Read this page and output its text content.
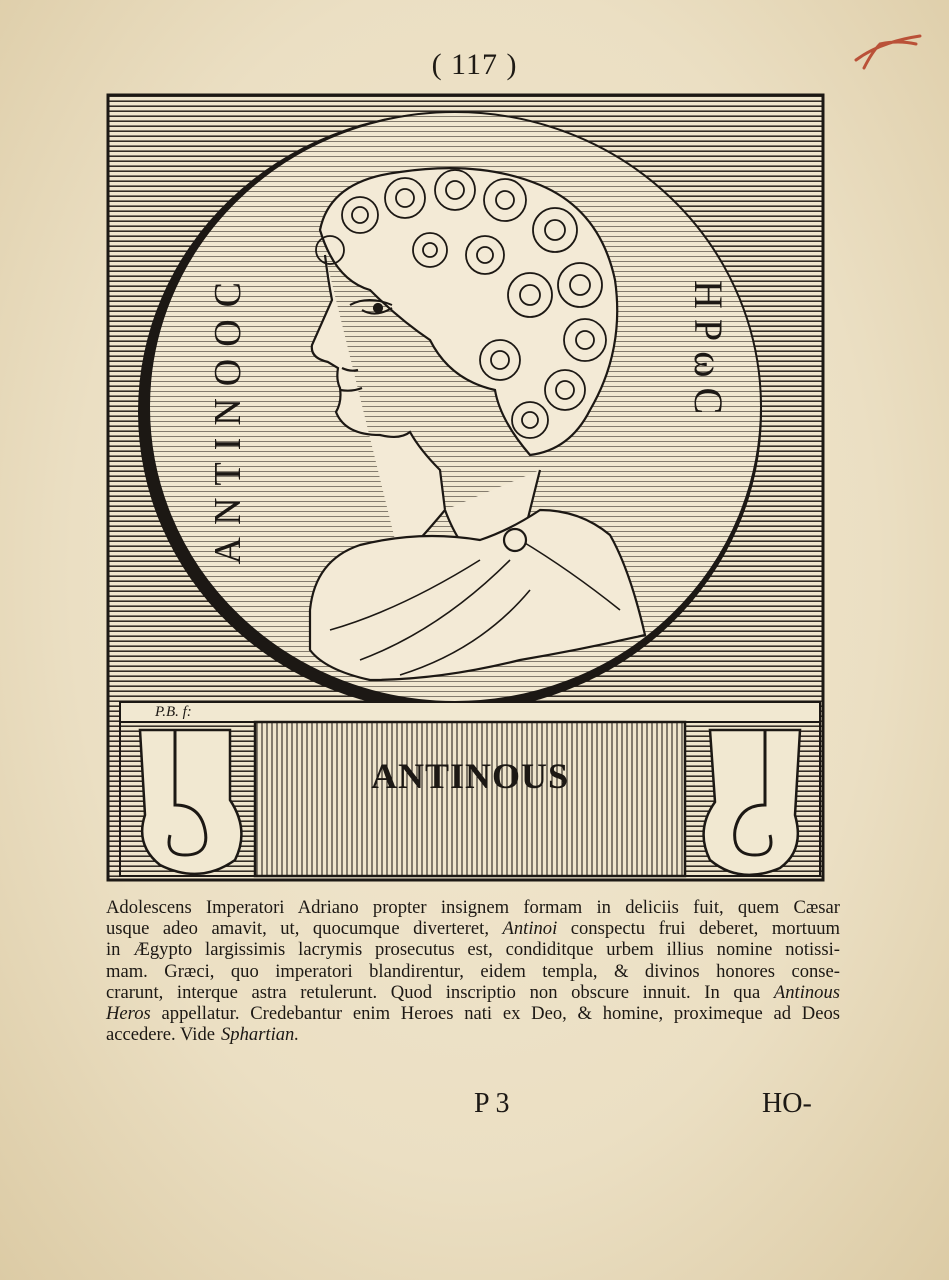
( 117 )
ANTINOOC	HPωC
P.B. f:
ANTINOUS
Adolescens Imperatori Adriano propter insignem formam in deliciis fuit, quem Cæsar
usque adeo amavit, ut, quocumque diverteret, Antinoi conspectu frui deberet, mortuum
in Ægypto largissimis lacrymis prosecutus est, condiditque urbem illius nomine notissi-
mam. Græci, quo imperatori blandirentur, eidem templa, & divinos honores conse-
crarunt, interque astra retulerunt. Quod inscriptio non obscure innuit. In qua Antinous
Heros appellatur. Credebantur enim Heroes nati ex Deo, & homine, proximeque ad Deos
accedere. Vide Sphartian.
P 3	HO-
